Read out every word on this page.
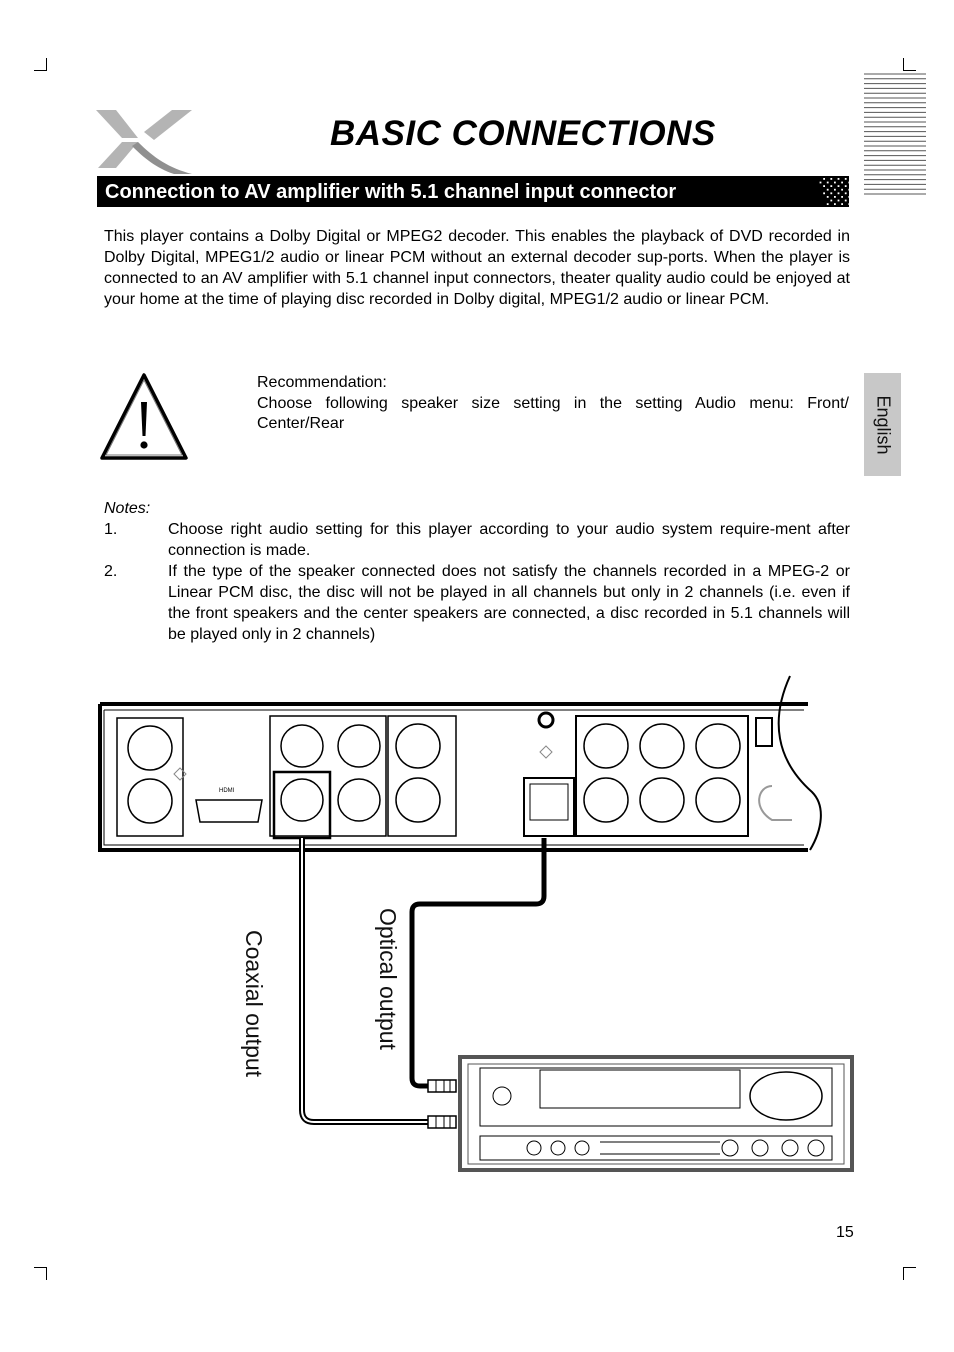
BASIC CONNECTIONS
Connection to AV amplifier with 5.1 channel input connector
This player contains a Dolby Digital or MPEG2 decoder. This enables the playback of DVD recorded in Dolby Digital, MPEG1/2 audio or linear PCM without an external decoder sup-ports. When the player is connected to an AV amplifier with 5.1 channel input connectors, theater quality audio could be enjoyed at your home at the time of playing disc recorded in Dolby digital, MPEG1/2 audio or linear PCM.
Recommendation:
Choose following speaker size setting in the setting Audio menu: Front/ Center/Rear	English
Notes:
1.	Choose right audio setting for this player according to your audio system require-ment after connection is made.
2.	If the type of the speaker connected does not satisfy the channels recorded in a MPEG-2 or Linear PCM disc, the disc will not be played in all channels but only in 2 channels (i.e. even if the front speakers and the center speakers are connected, a disc recorded in 5.1 channels will be played only in 2 channels)
HDMI
Coaxial output	Optical output
15
